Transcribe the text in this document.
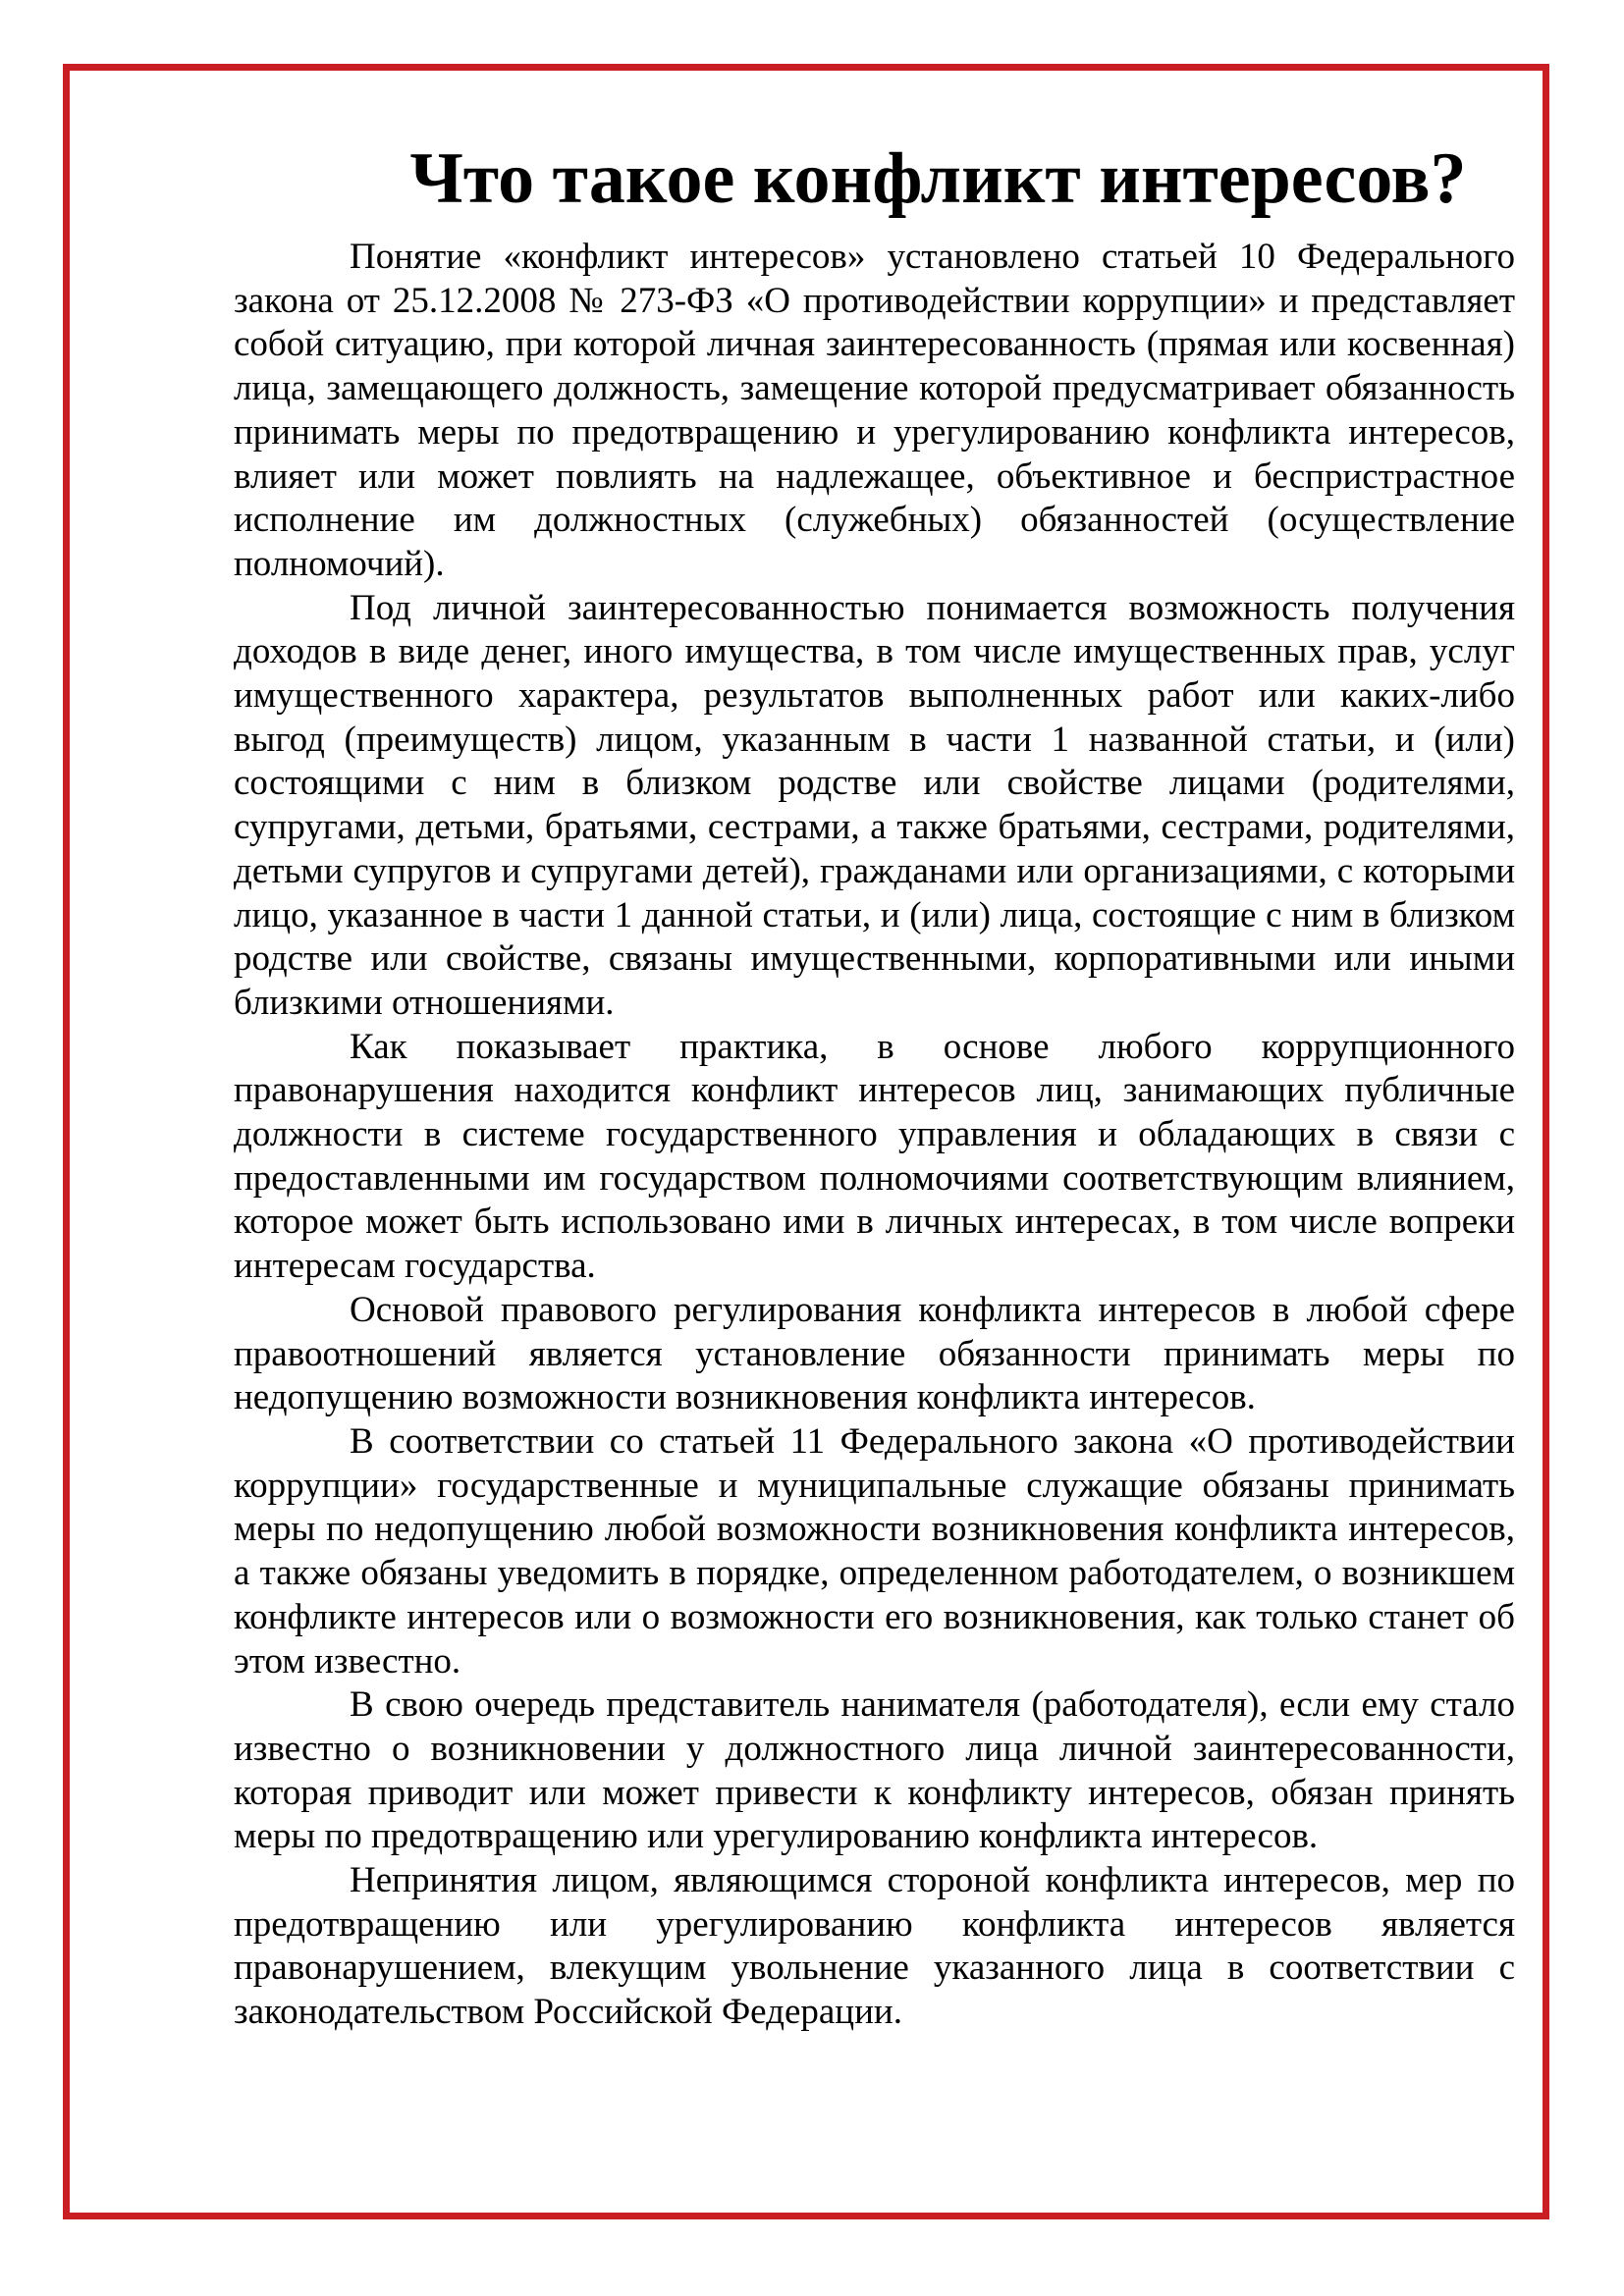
Что такое конфликт интересов?

Понятие «конфликт интересов» установлено статьей 10 Федерального закона от 25.12.2008 № 273-ФЗ «О противодействии коррупции» и представляет собой ситуацию, при которой личная заинтересованность (прямая или косвенная) лица, замещающего должность, замещение которой предусматривает обязанность принимать меры по предотвращению и урегулированию конфликта интересов, влияет или может повлиять на надлежащее, объективное и беспристрастное исполнение им должностных (служебных) обязанностей (осуществление полномочий).

Под личной заинтересованностью понимается возможность получения доходов в виде денег, иного имущества, в том числе имущественных прав, услуг имущественного характера, результатов выполненных работ или каких-либо выгод (преимуществ) лицом, указанным в части 1 названной статьи, и (или) состоящими с ним в близком родстве или свойстве лицами (родителями, супругами, детьми, братьями, сестрами, а также братьями, сестрами, родителями, детьми супругов и супругами детей), гражданами или организациями, с которыми лицо, указанное в части 1 данной статьи, и (или) лица, состоящие с ним в близком родстве или свойстве, связаны имущественными, корпоративными или иными близкими отношениями.

Как показывает практика, в основе любого коррупционного правонарушения находится конфликт интересов лиц, занимающих публичные должности в системе государственного управления и обладающих в связи с предоставленными им государством полномочиями соответствующим влиянием, которое может быть использовано ими в личных интересах, в том числе вопреки интересам государства.

Основой правового регулирования конфликта интересов в любой сфере правоотношений является установление обязанности принимать меры по недопущению возможности возникновения конфликта интересов.

В соответствии со статьей 11 Федерального закона «О противодействии коррупции» государственные и муниципальные служащие обязаны принимать меры по недопущению любой возможности возникновения конфликта интересов, а также обязаны уведомить в порядке, определенном работодателем, о возникшем конфликте интересов или о возможности его возникновения, как только станет об этом известно.

В свою очередь представитель нанимателя (работодателя), если ему стало известно о возникновении у должностного лица личной заинтересованности, которая приводит или может привести к конфликту интересов, обязан принять меры по предотвращению или урегулированию конфликта интересов.

Непринятия лицом, являющимся стороной конфликта интересов, мер по предотвращению или урегулированию конфликта интересов является правонарушением, влекущим увольнение указанного лица в соответствии с законодательством Российской Федерации.
